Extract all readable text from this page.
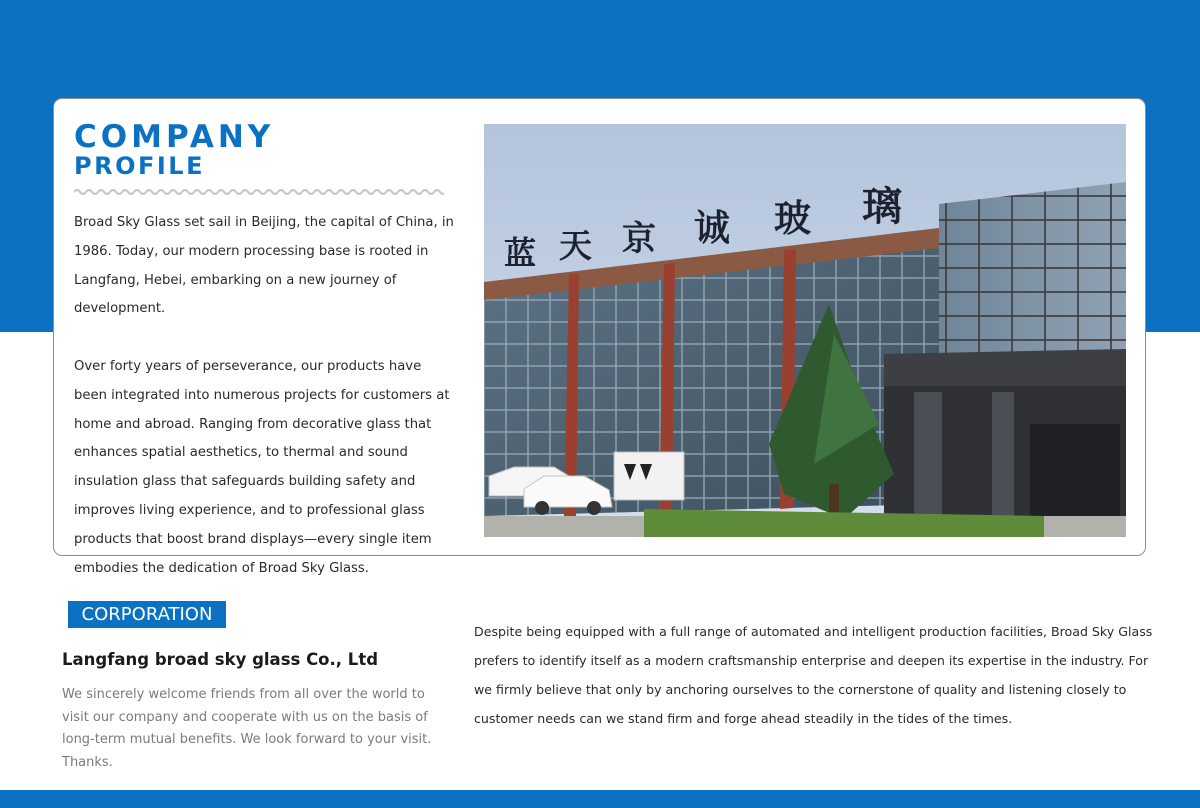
COMPANY
PROFILE

Broad Sky Glass set sail in Beijing, the capital of China, in 1986. Today, our modern processing base is rooted in Langfang, Hebei, embarking on a new journey of development.

Over forty years of perseverance, our products have been integrated into numerous projects for customers at home and abroad. Ranging from decorative glass that enhances spatial aesthetics, to thermal and sound insulation glass that safeguards building safety and improves living experience, and to professional glass products that boost brand displays—every single item embodies the dedication of Broad Sky Glass.

蓝 天 京 诚 玻 璃
CORPORATION
Langfang broad sky glass Co., Ltd

We sincerely welcome friends from all over the world to visit our company and cooperate with us on the basis of long-term mutual benefits. We look forward to your visit. Thanks.

Despite being equipped with a full range of automated and intelligent production facilities, Broad Sky Glass prefers to identify itself as a modern craftsmanship enterprise and deepen its expertise in the industry. For we firmly believe that only by anchoring ourselves to the cornerstone of quality and listening closely to customer needs can we stand firm and forge ahead steadily in the tides of the times.
